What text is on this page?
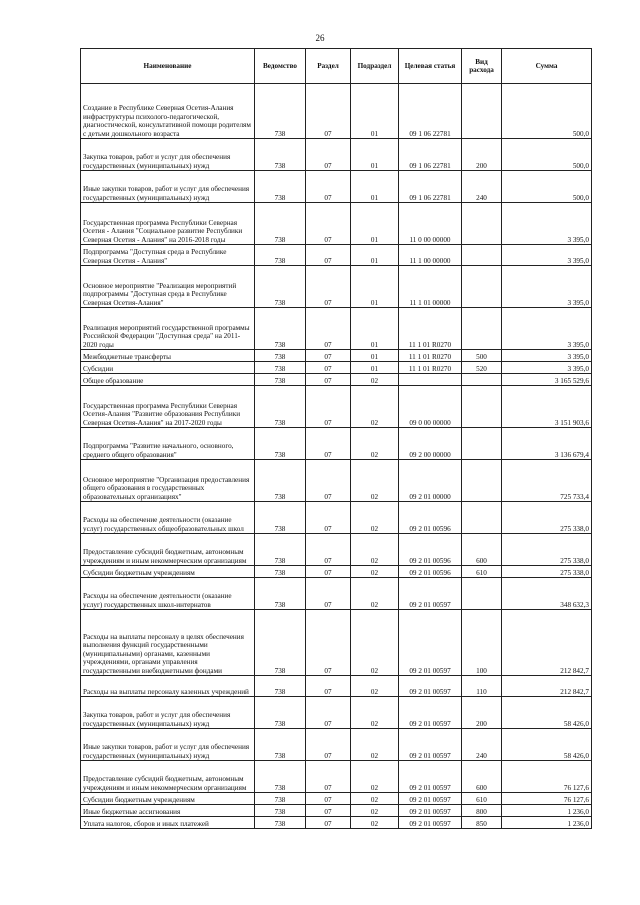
26
Наименование	Ведомство	Раздел	Подраздел	Целевая статья	Вид расхода	Сумма
Создание в Республике Северная Осетия-Алания инфраструктуры психолого-педагогической, диагностической, консультативной помощи родителям с детьми дошкольного возраста	738	07	01	09 1 06 22781		500,0
Закупка товаров, работ и услуг для обеспечения государственных (муниципальных) нужд	738	07	01	09 1 06 22781	200	500,0
Иные закупки товаров, работ и услуг для обеспечения государственных (муниципальных) нужд	738	07	01	09 1 06 22781	240	500,0
Государственная программа Республики Северная Осетия - Алания "Социальное развитие Республики Северная Осетия - Алания" на 2016-2018 годы	738	07	01	11 0 00 00000		3 395,0
Подпрограмма "Доступная среда в Республике Северная Осетия - Алания"	738	07	01	11 1 00 00000		3 395,0
Основное мероприятие "Реализация мероприятий подпрограммы "Доступная среда в Республике Северная Осетия-Алания"	738	07	01	11 1 01 00000		3 395,0
Реализация мероприятий государственной программы Российской Федерации "Доступная среда" на 2011-2020 годы	738	07	01	11 1 01 R0270		3 395,0
Межбюджетные трансферты	738	07	01	11 1 01 R0270	500	3 395,0
Субсидии	738	07	01	11 1 01 R0270	520	3 395,0
Общее образование	738	07	02			3 165 529,6
Государственная программа Республики Северная Осетия-Алания "Развитие образования Республики Северная Осетия-Алания" на 2017-2020 годы	738	07	02	09 0 00 00000		3 151 903,6
Подпрограмма "Развитие начального, основного, среднего общего образования"	738	07	02	09 2 00 00000		3 136 679,4
Основное мероприятие "Организация предоставления общего образования в государственных образовательных организациях"	738	07	02	09 2 01 00000		725 733,4
Расходы на обеспечение деятельности (оказание услуг) государственных общеобразовательных школ	738	07	02	09 2 01 00596		275 338,0
Предоставление субсидий бюджетным, автономным учреждениям и иным некоммерческим организациям	738	07	02	09 2 01 00596	600	275 338,0
Субсидии бюджетным учреждениям	738	07	02	09 2 01 00596	610	275 338,0
Расходы на обеспечение деятельности (оказание услуг) государственных школ-интернатов	738	07	02	09 2 01 00597		348 632,3
Расходы на выплаты персоналу в целях обеспечения выполнения функций государственными (муниципальными) органами, казенными учреждениями, органами управления государственными внебюджетными фондами	738	07	02	09 2 01 00597	100	212 842,7
Расходы на выплаты персоналу казенных учреждений	738	07	02	09 2 01 00597	110	212 842,7
Закупка товаров, работ и услуг для обеспечения государственных (муниципальных) нужд	738	07	02	09 2 01 00597	200	58 426,0
Иные закупки товаров, работ и услуг для обеспечения государственных (муниципальных) нужд	738	07	02	09 2 01 00597	240	58 426,0
Предоставление субсидий бюджетным, автономным учреждениям и иным некоммерческим организациям	738	07	02	09 2 01 00597	600	76 127,6
Субсидии бюджетным учреждениям	738	07	02	09 2 01 00597	610	76 127,6
Иные бюджетные ассигнования	738	07	02	09 2 01 00597	800	1 236,0
Уплата налогов, сборов и иных платежей	738	07	02	09 2 01 00597	850	1 236,0
